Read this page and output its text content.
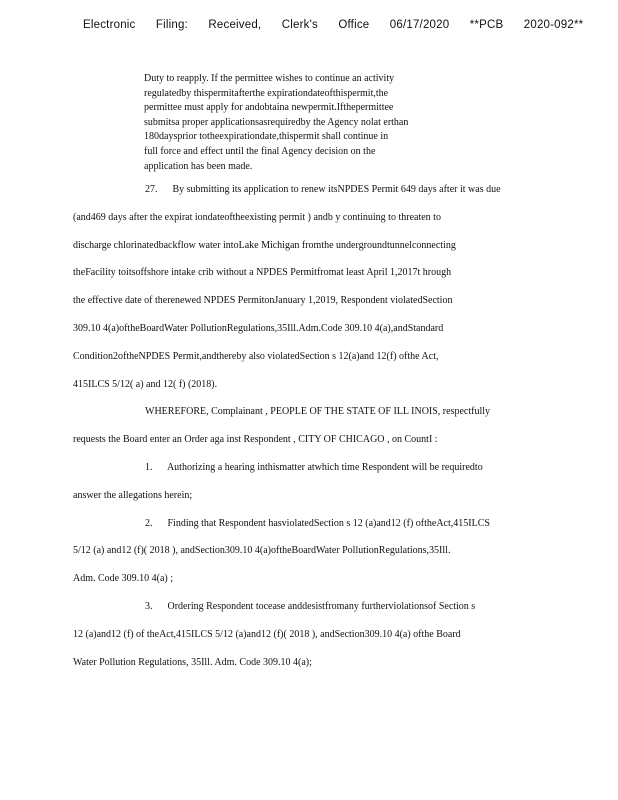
Electronic Filing: Received, Clerk's Office 06/17/2020 **PCB 2020-092**
Duty to reapply. If the permittee wishes to continue an activity
regulatedby thispermitafterthe expirationdateofthispermit,the
permittee must apply for andobtaina newpermit.Ifthepermittee
submitsa proper applicationsasrequiredby the Agency nolat erthan
180daysprior totheexpirationdate,thispermit shall continue in
full force and effect until the final Agency decision on the
application has been made.
27.      By submitting its application to renew itsNPDES Permit 649 days after it was due
(and469 days after the expirat iondateoftheexisting permit ) andb y continuing to threaten to
discharge chlorinatedbackflow water intoLake Michigan fromthe undergroundtunnelconnecting
theFacility toitsoffshore intake crib without a NPDES Permitfromat least April 1,2017t hrough
the effective date of therenewed NPDES PermitonJanuary 1,2019, Respondent violatedSection
309.10 4(a)oftheBoardWater PollutionRegulations,35Ill.Adm.Code 309.10 4(a),andStandard
Condition2oftheNPDES Permit,andthereby also violatedSection s 12(a)and 12(f) ofthe Act,
415ILCS 5/12( a) and 12( f) (2018).
WHEREFORE, Complainant , PEOPLE OF THE STATE OF ILL INOIS, respectfully
requests the Board enter an Order aga inst Respondent , CITY OF CHICAGO , on CountI :
1.      Authorizing a hearing inthismatter atwhich time Respondent will be requiredto
answer the allegations herein;
2.      Finding that Respondent hasviolatedSection s 12 (a)and12 (f) oftheAct,415ILCS
5/12 (a) and12 (f)( 2018 ), andSection309.10 4(a)oftheBoardWater PollutionRegulations,35Ill.
Adm. Code 309.10 4(a) ;
3.      Ordering Respondent tocease anddesistfromany furtherviolationsof Section s
12 (a)and12 (f) of theAct,415ILCS 5/12 (a)and12 (f)( 2018 ), andSection309.10 4(a) ofthe Board
Water Pollution Regulations, 35Ill. Adm. Code 309.10 4(a);
